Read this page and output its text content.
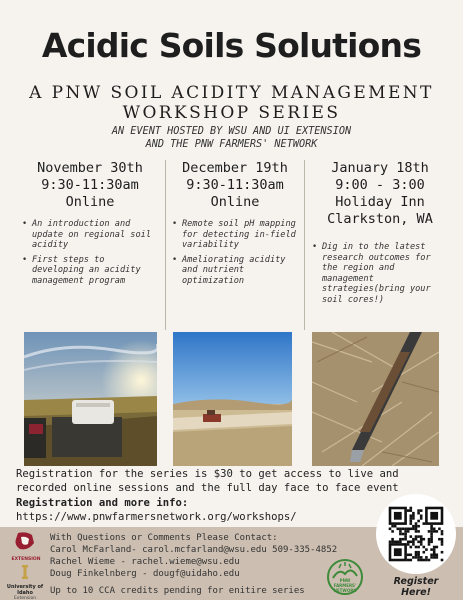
Acidic Soils Solutions
A PNW SOIL ACIDITY MANAGEMENT
WORKSHOP SERIES
AN EVENT HOSTED BY WSU AND UI EXTENSION
AND THE PNW FARMERS' NETWORK
November 30th
9:30-11:30am
Online
• An introduction and update on regional soil acidity
• First steps to developing an acidity management program
December 19th
9:30-11:30am
Online
• Remote soil pH mapping for detecting in-field variability
• Ameliorating acidity and nutrient optimization
January 18th
9:00 - 3:00
Holiday Inn
Clarkston, WA
• Dig in to the latest research outcomes for the region and management strategies(bring your soil cores!)
Registration for the series is $30 to get access to live and recorded online sessions and the full day face to face event
Registration and more info:
https://www.pnwfarmersnetwork.org/workshops/
EXTENSION
University of Idaho
Extension
With Questions or Comments Please Contact:
Carol McFarland- carol.mcfarland@wsu.edu 509-335-4852
Rachel Wieme - rachel.wieme@wsu.edu
Doug Finkelnberg - dougf@uidaho.edu
Up to 10 CCA credits pending for enitire series
PNW
FARMERS'
NETWORK
Register
Here!
